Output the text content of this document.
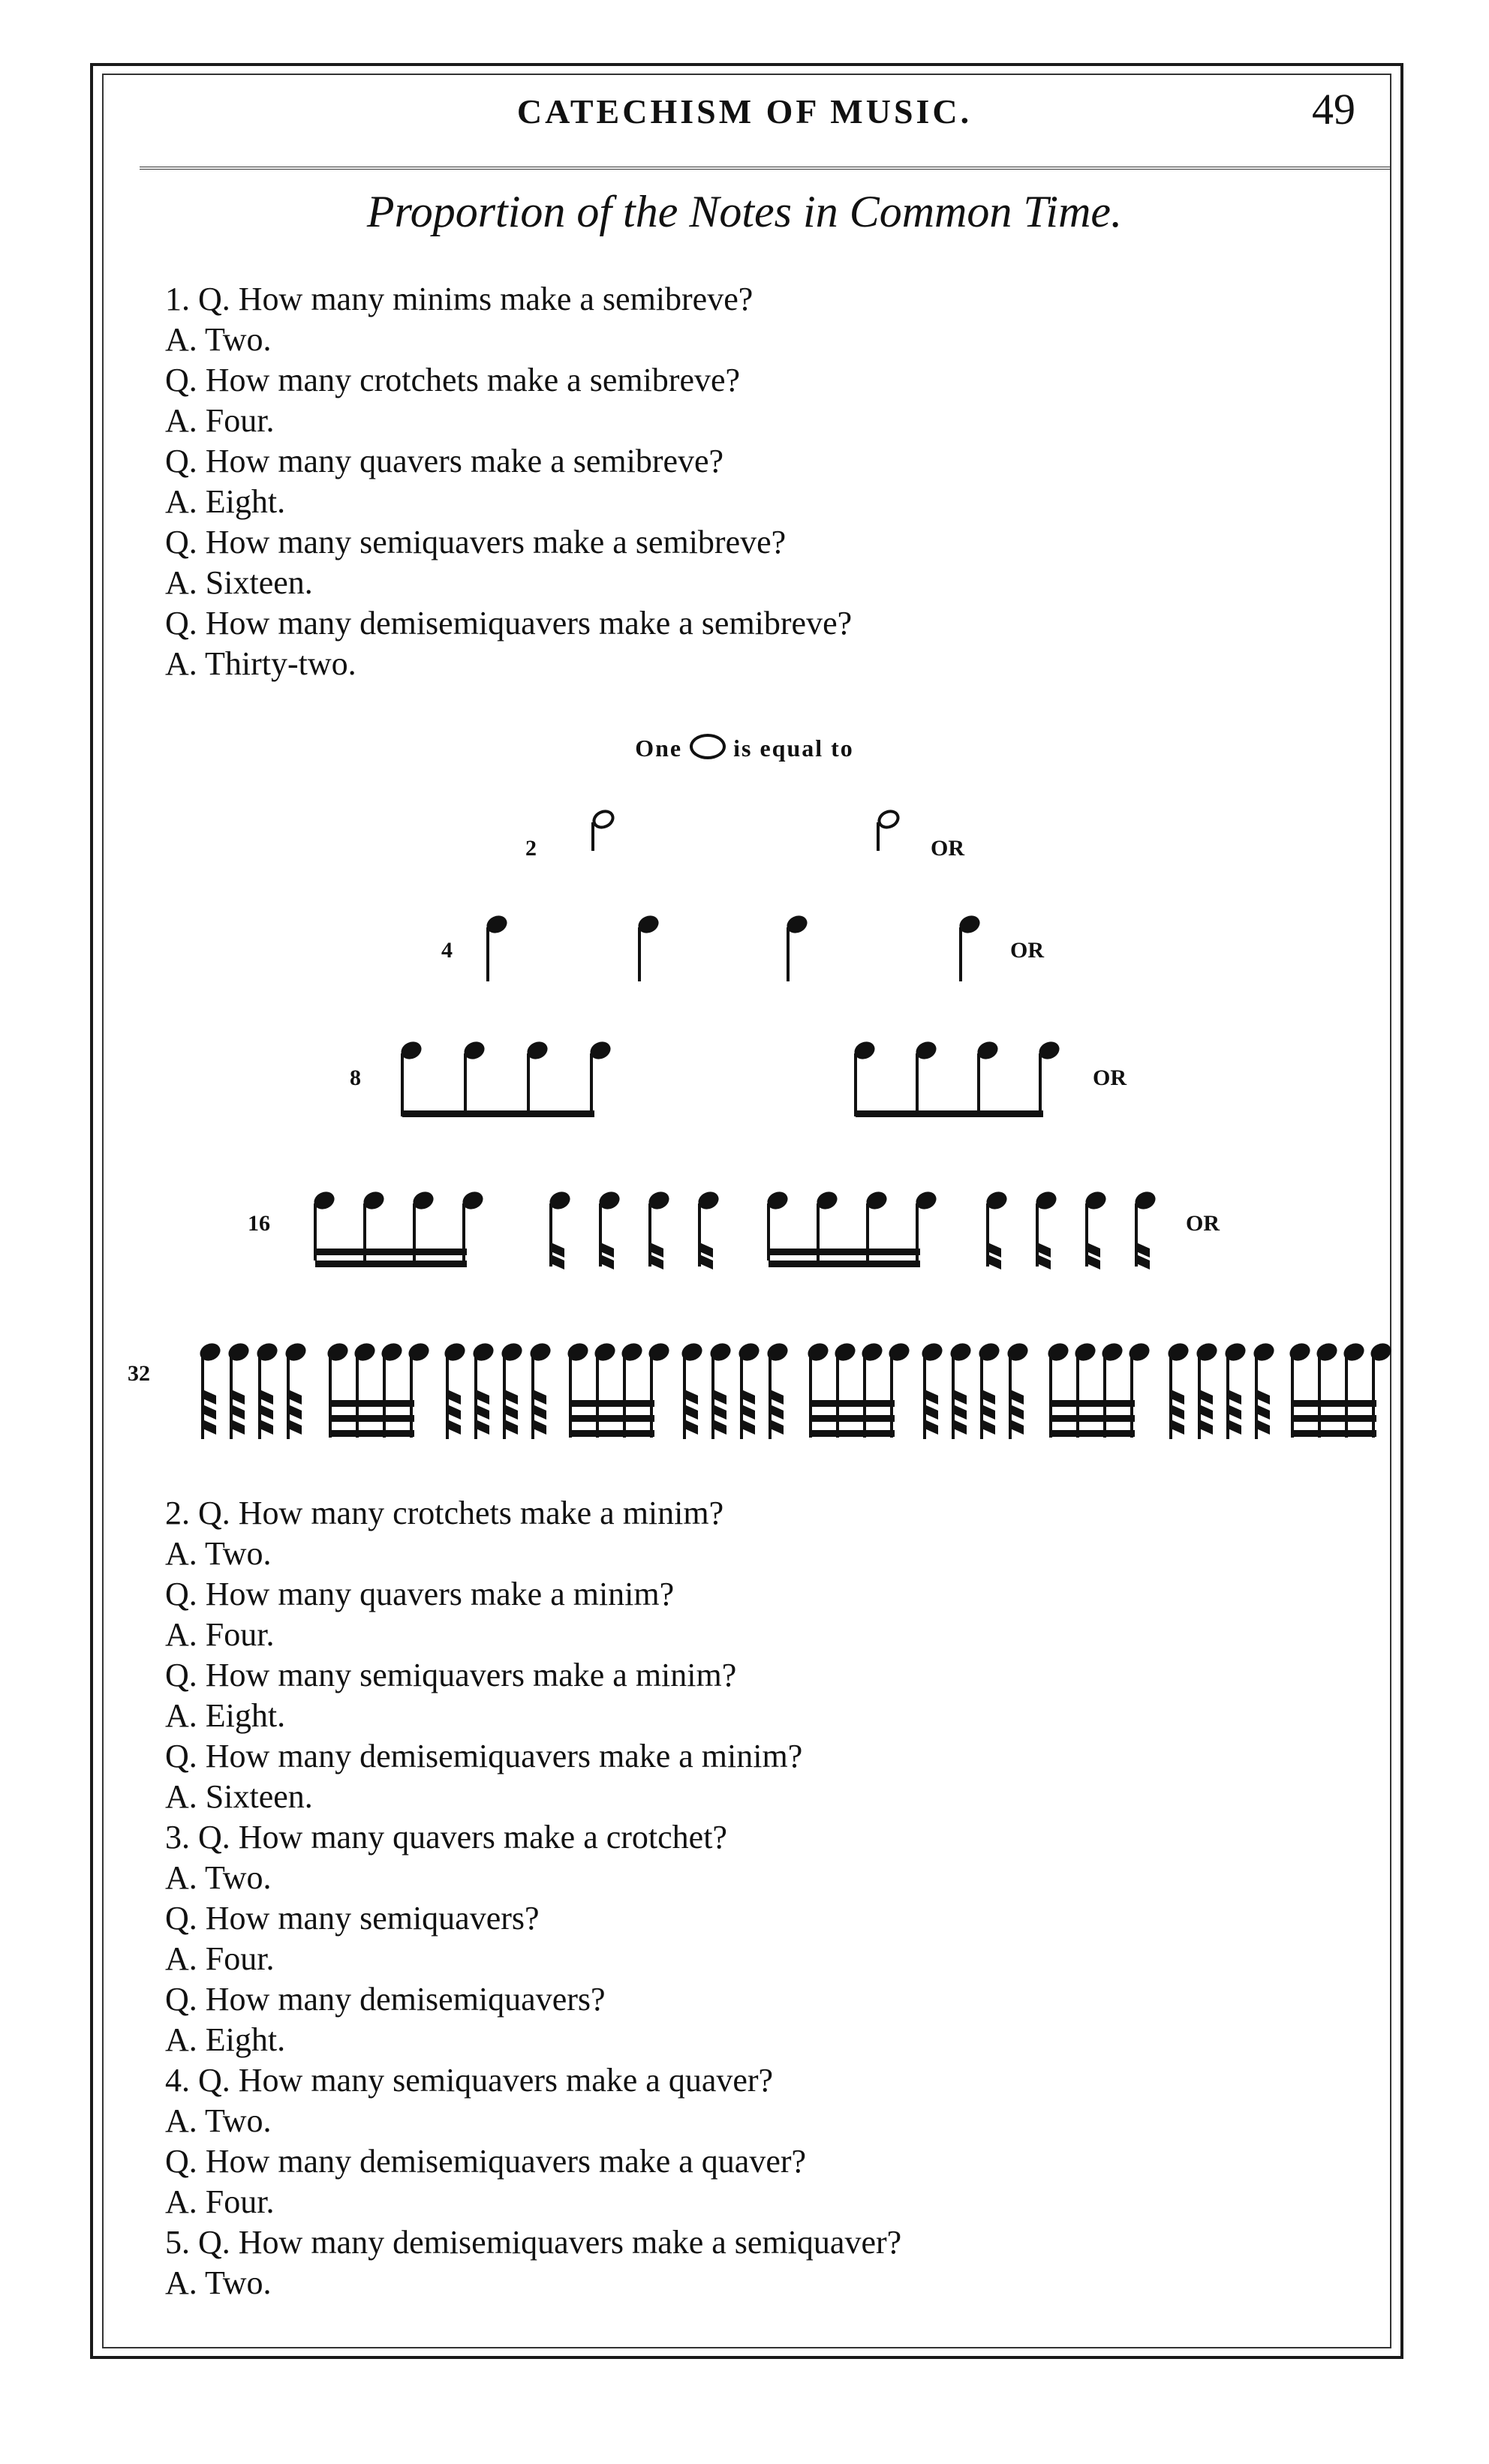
CATECHISM OF MUSIC.	49
Proportion of the Notes in Common Time.
1. Q. How many minims make a semibreve?
A. Two.
Q. How many crotchets make a semibreve?
A. Four.
Q. How many quavers make a semibreve?
A. Eight.
Q. How many semiquavers make a semibreve?
A. Sixteen.
Q. How many demisemiquavers make a semibreve?
A. Thirty-two.
One is equal to
2	OR
4	OR
8	OR
16	OR
32
2. Q. How many crotchets make a minim?
A. Two.
Q. How many quavers make a minim?
A. Four.
Q. How many semiquavers make a minim?
A. Eight.
Q. How many demisemiquavers make a minim?
A. Sixteen.
3. Q. How many quavers make a crotchet?
A. Two.
Q. How many semiquavers?
A. Four.
Q. How many demisemiquavers?
A. Eight.
4. Q. How many semiquavers make a quaver?
A. Two.
Q. How many demisemiquavers make a quaver?
A. Four.
5. Q. How many demisemiquavers make a semiquaver?
A. Two.
